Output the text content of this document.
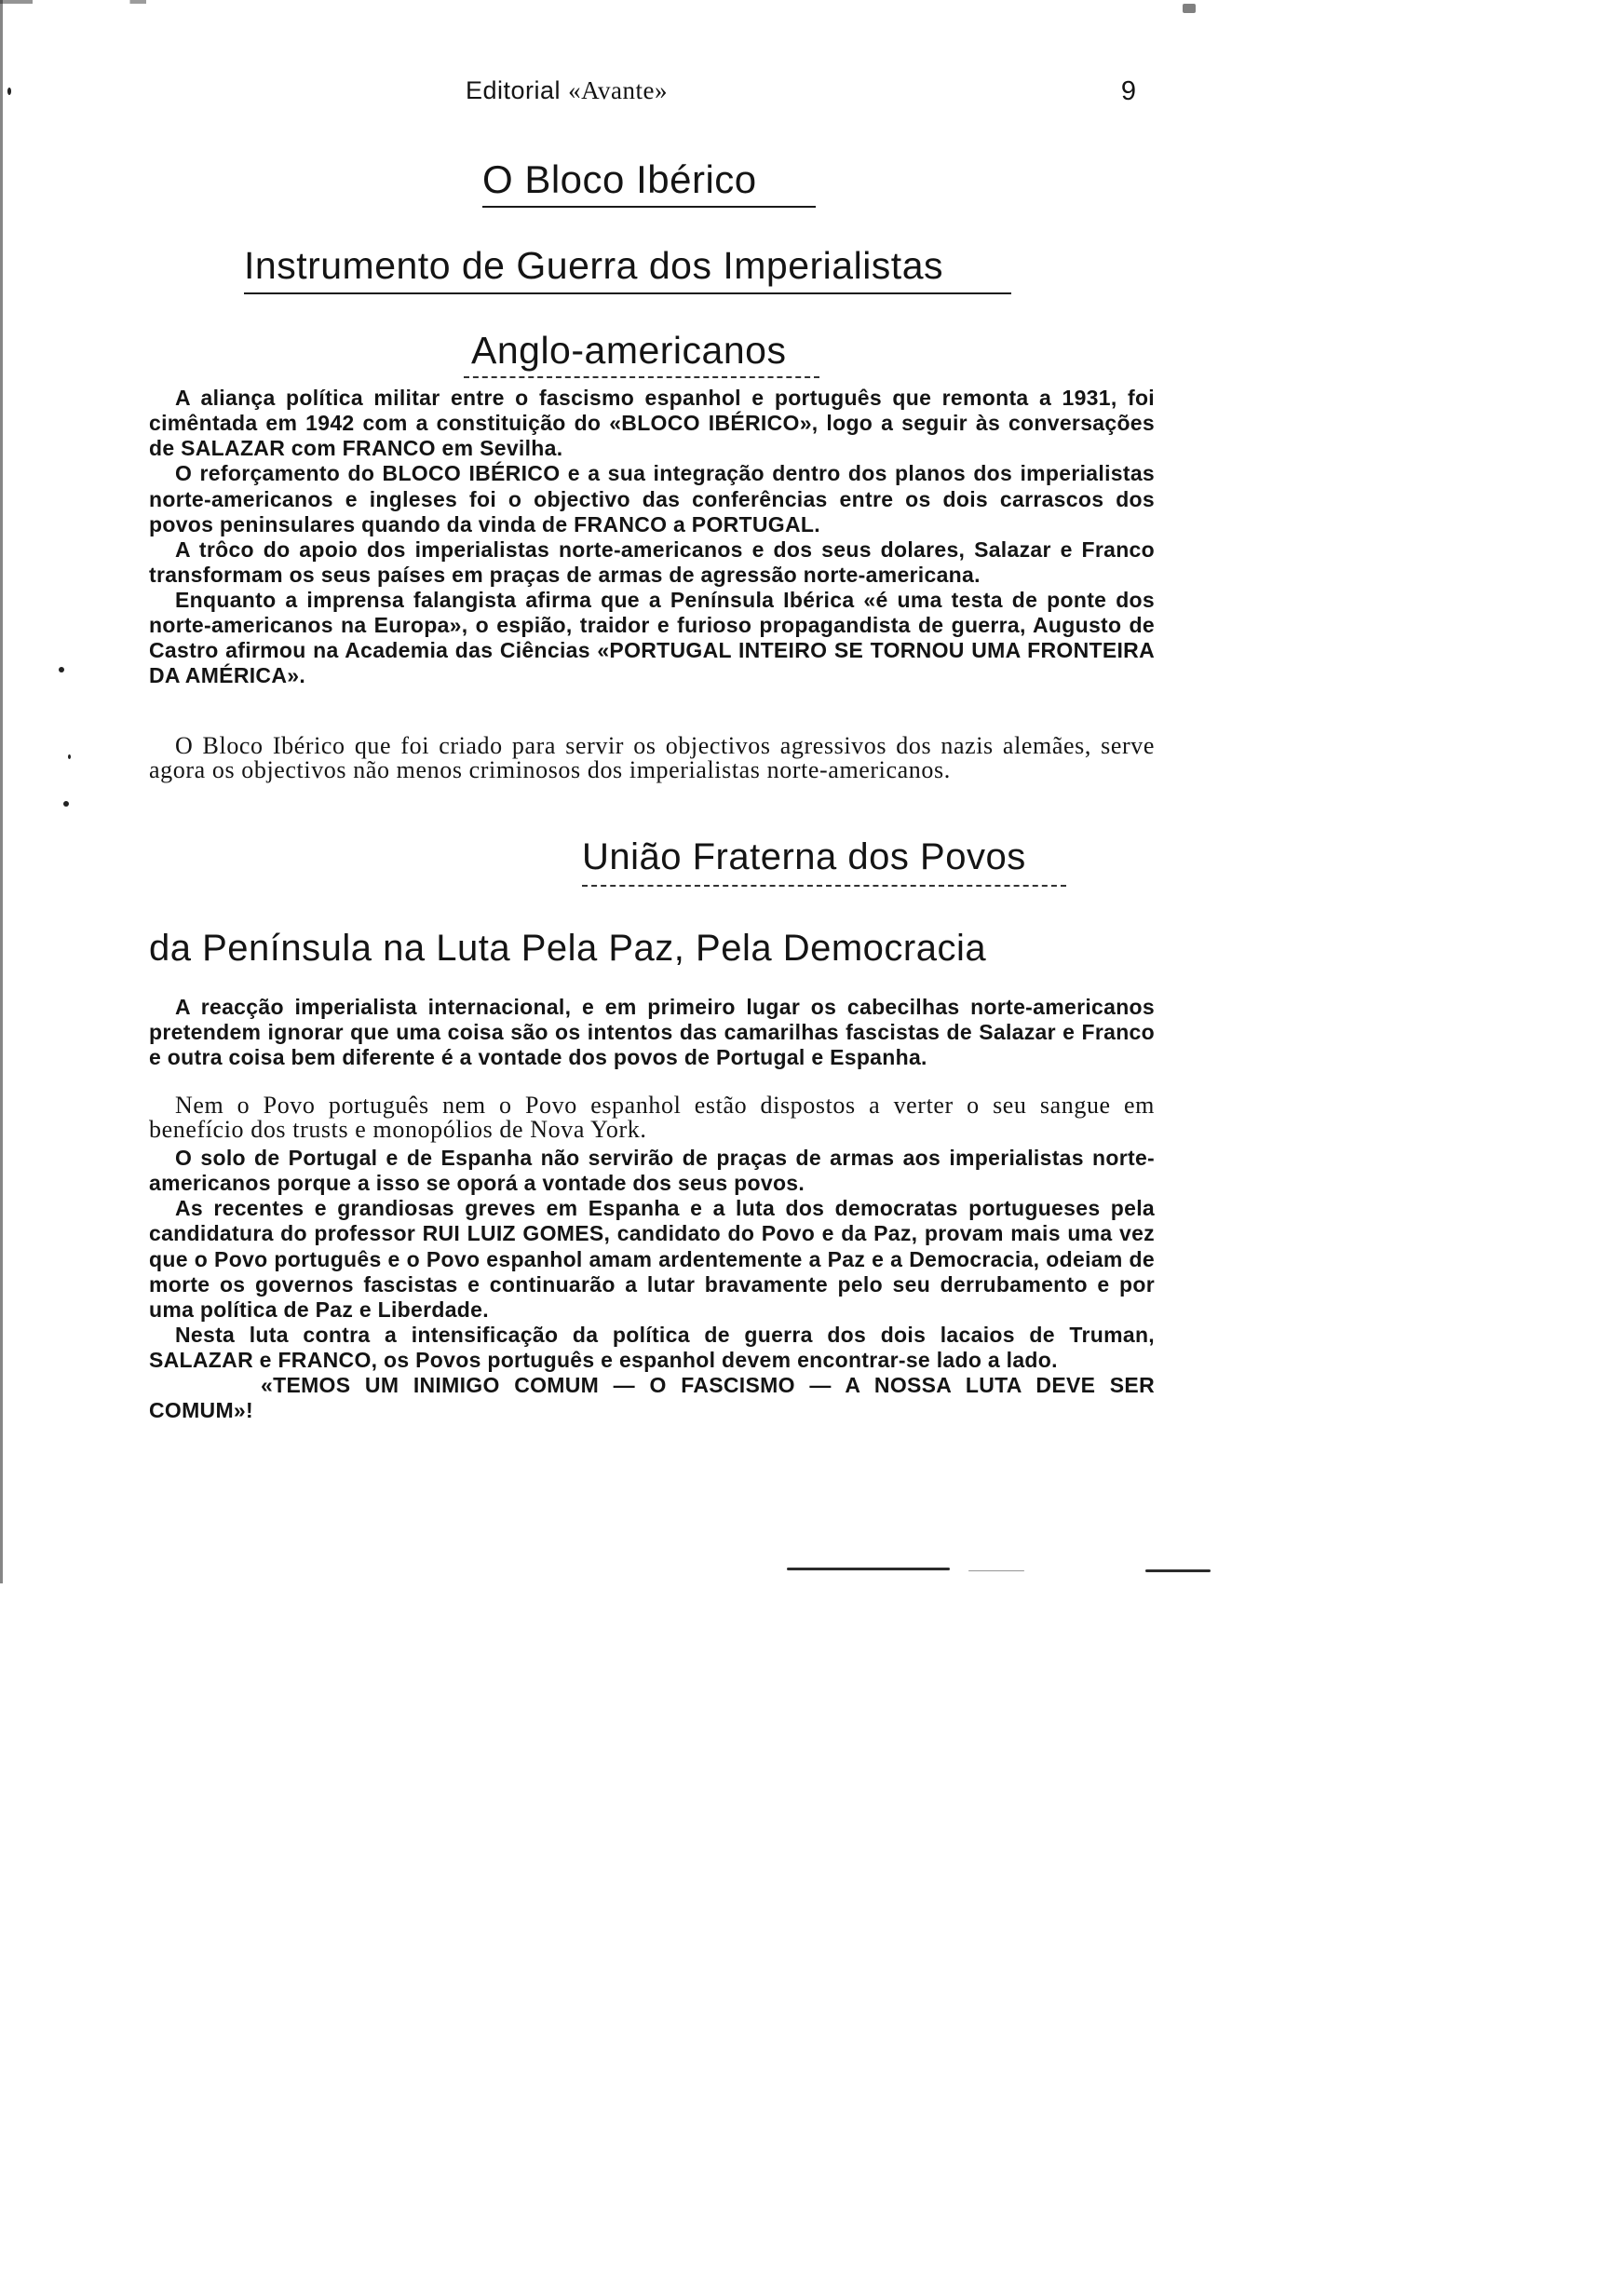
Editorial «Avante»	9
O Bloco Ibérico
Instrumento de Guerra dos Imperialistas
Anglo-americanos
A aliança política militar entre o fascismo espanhol e português que remonta a 1931, foi cimêntada em 1942 com a constituição do «BLOCO IBÉRICO», logo a seguir às conversações de SALAZAR com FRANCO em Sevilha.
O reforçamento do BLOCO IBÉRICO e a sua integração dentro dos planos dos imperialistas norte-americanos e ingleses foi o objectivo das conferências entre os dois carrascos dos povos peninsulares quando da vinda de FRANCO a PORTUGAL.
A trôco do apoio dos imperialistas norte-americanos e dos seus dolares, Salazar e Franco transformam os seus países em praças de armas de agressão norte-americana.
Enquanto a imprensa falangista afirma que a Península Ibérica «é uma testa de ponte dos norte-americanos na Europa», o espião, traidor e furioso propagandista de guerra, Augusto de Castro afirmou na Academia das Ciências «PORTUGAL INTEIRO SE TORNOU UMA FRONTEIRA DA AMÉRICA».
O Bloco Ibérico que foi criado para servir os objectivos agressivos dos nazis alemães, serve agora os objectivos não menos criminosos dos imperialistas norte-americanos.
União Fraterna dos Povos
da Península na Luta Pela Paz, Pela Democracia
A reacção imperialista internacional, e em primeiro lugar os cabecilhas norte-americanos pretendem ignorar que uma coisa são os intentos das camarilhas fascistas de Salazar e Franco e outra coisa bem diferente é a vontade dos povos de Portugal e Espanha.
Nem o Povo português nem o Povo espanhol estão dispostos a verter o seu sangue em benefício dos trusts e monopólios de Nova York.
O solo de Portugal e de Espanha não servirão de praças de armas aos imperialistas norte-americanos porque a isso se oporá a vontade dos seus povos.
As recentes e grandiosas greves em Espanha e a luta dos democratas portugueses pela candidatura do professor RUI LUIZ GOMES, candidato do Povo e da Paz, provam mais uma vez que o Povo português e o Povo espanhol amam ardentemente a Paz e a Democracia, odeiam de morte os governos fascistas e continuarão a lutar bravamente pelo seu derrubamento e por uma política de Paz e Liberdade.
Nesta luta contra a intensificação da política de guerra dos dois lacaios de Truman, SALAZAR e FRANCO, os Povos português e espanhol devem encontrar-se lado a lado.
«TEMOS UM INIMIGO COMUM — O FASCISMO — A NOSSA LUTA DEVE SER COMUM»!
